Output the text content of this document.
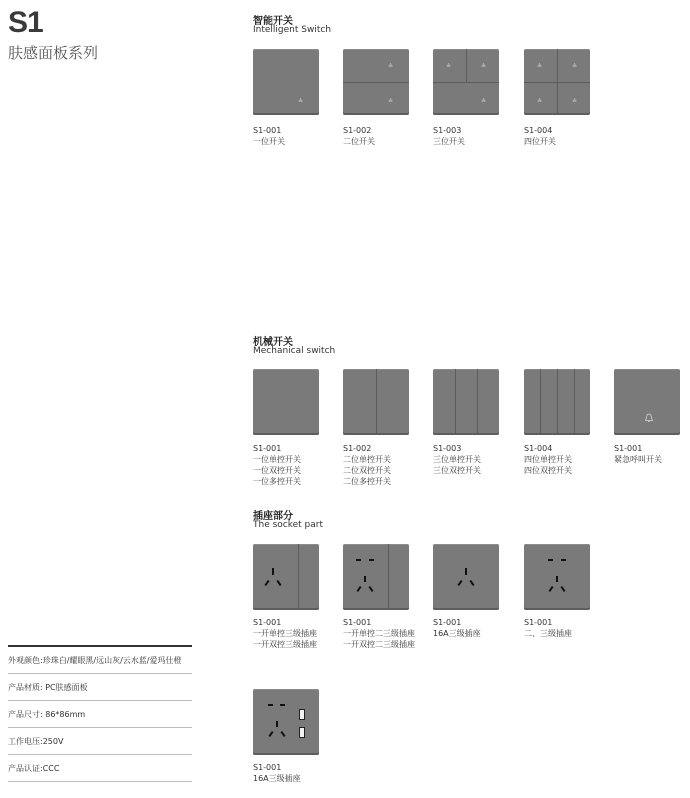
S1
肤感面板系列
智能开关
Intelligent Switch
≙
S1-001
一位开关
≙
≙
S1-002
二位开关
≙	≙
≙
S1-003
三位开关
≙	≙
≙	≙
S1-004
四位开关
机械开关
Mechanical switch
S1-001
一位单控开关
一位双控开关
一位多控开关
S1-002
二位单控开关
二位双控开关
二位多控开关
S1-003
三位单控开关
三位双控开关
S1-004
四位单控开关
四位双控开关
S1-001
紧急呼叫开关
插座部分
The socket part
S1-001
一开单控三级插座
一开双控三级插座
S1-001
一开单控二三级插座
一开双控二三级插座
S1-001
16A三级插座
S1-001
二、三级插座
S1-001
16A三级插座
外观颜色:珍珠白/耀眼黑/远山灰/云水蓝/爱玛仕橙
产品材质: PC肤感面板
产品尺寸: 86*86mm
工作电压:250V
产品认证:CCC
